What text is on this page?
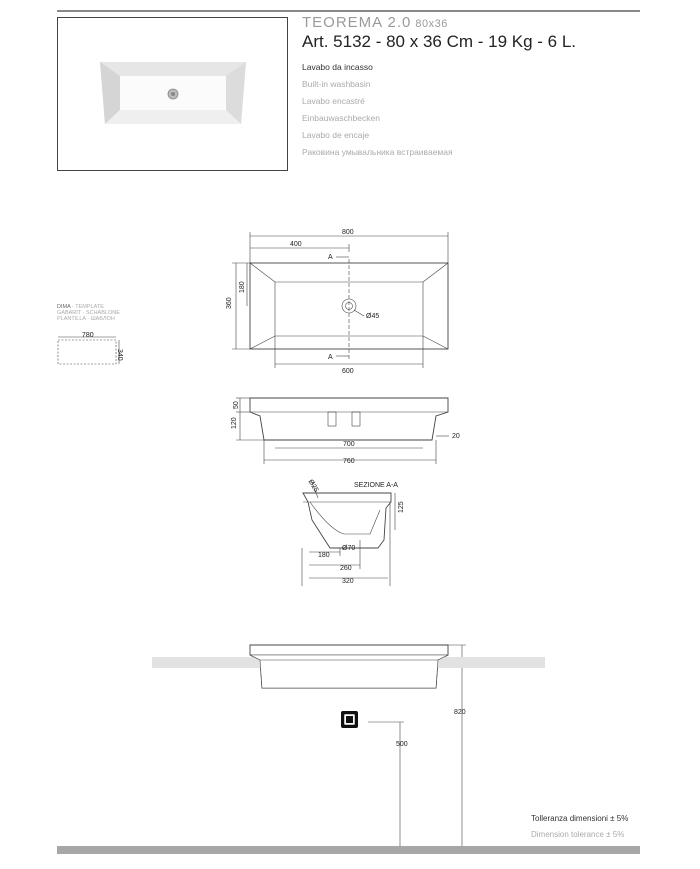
TEOREMA 2.0 80x36
Art. 5132 - 80 x 36 Cm - 19 Kg - 6 L.
Lavabo da incasso
Built-in washbasin
Lavabo encastré
Einbauwaschbecken
Lavabo de encaje
Раковина умывальника встраиваемая
DIMA · TEMPLATE
GABARIT · SCHABLONE
PLANTILLA · ШАБЛОН
800
400
360
180
Ø45
600
A
A
780
340
50
120
700
760
20
SEZIONE A-A
Ø25
125
Ø70
180
260
320
820
500
Tolleranza dimensioni ± 5%
Dimension tolerance ± 5%
